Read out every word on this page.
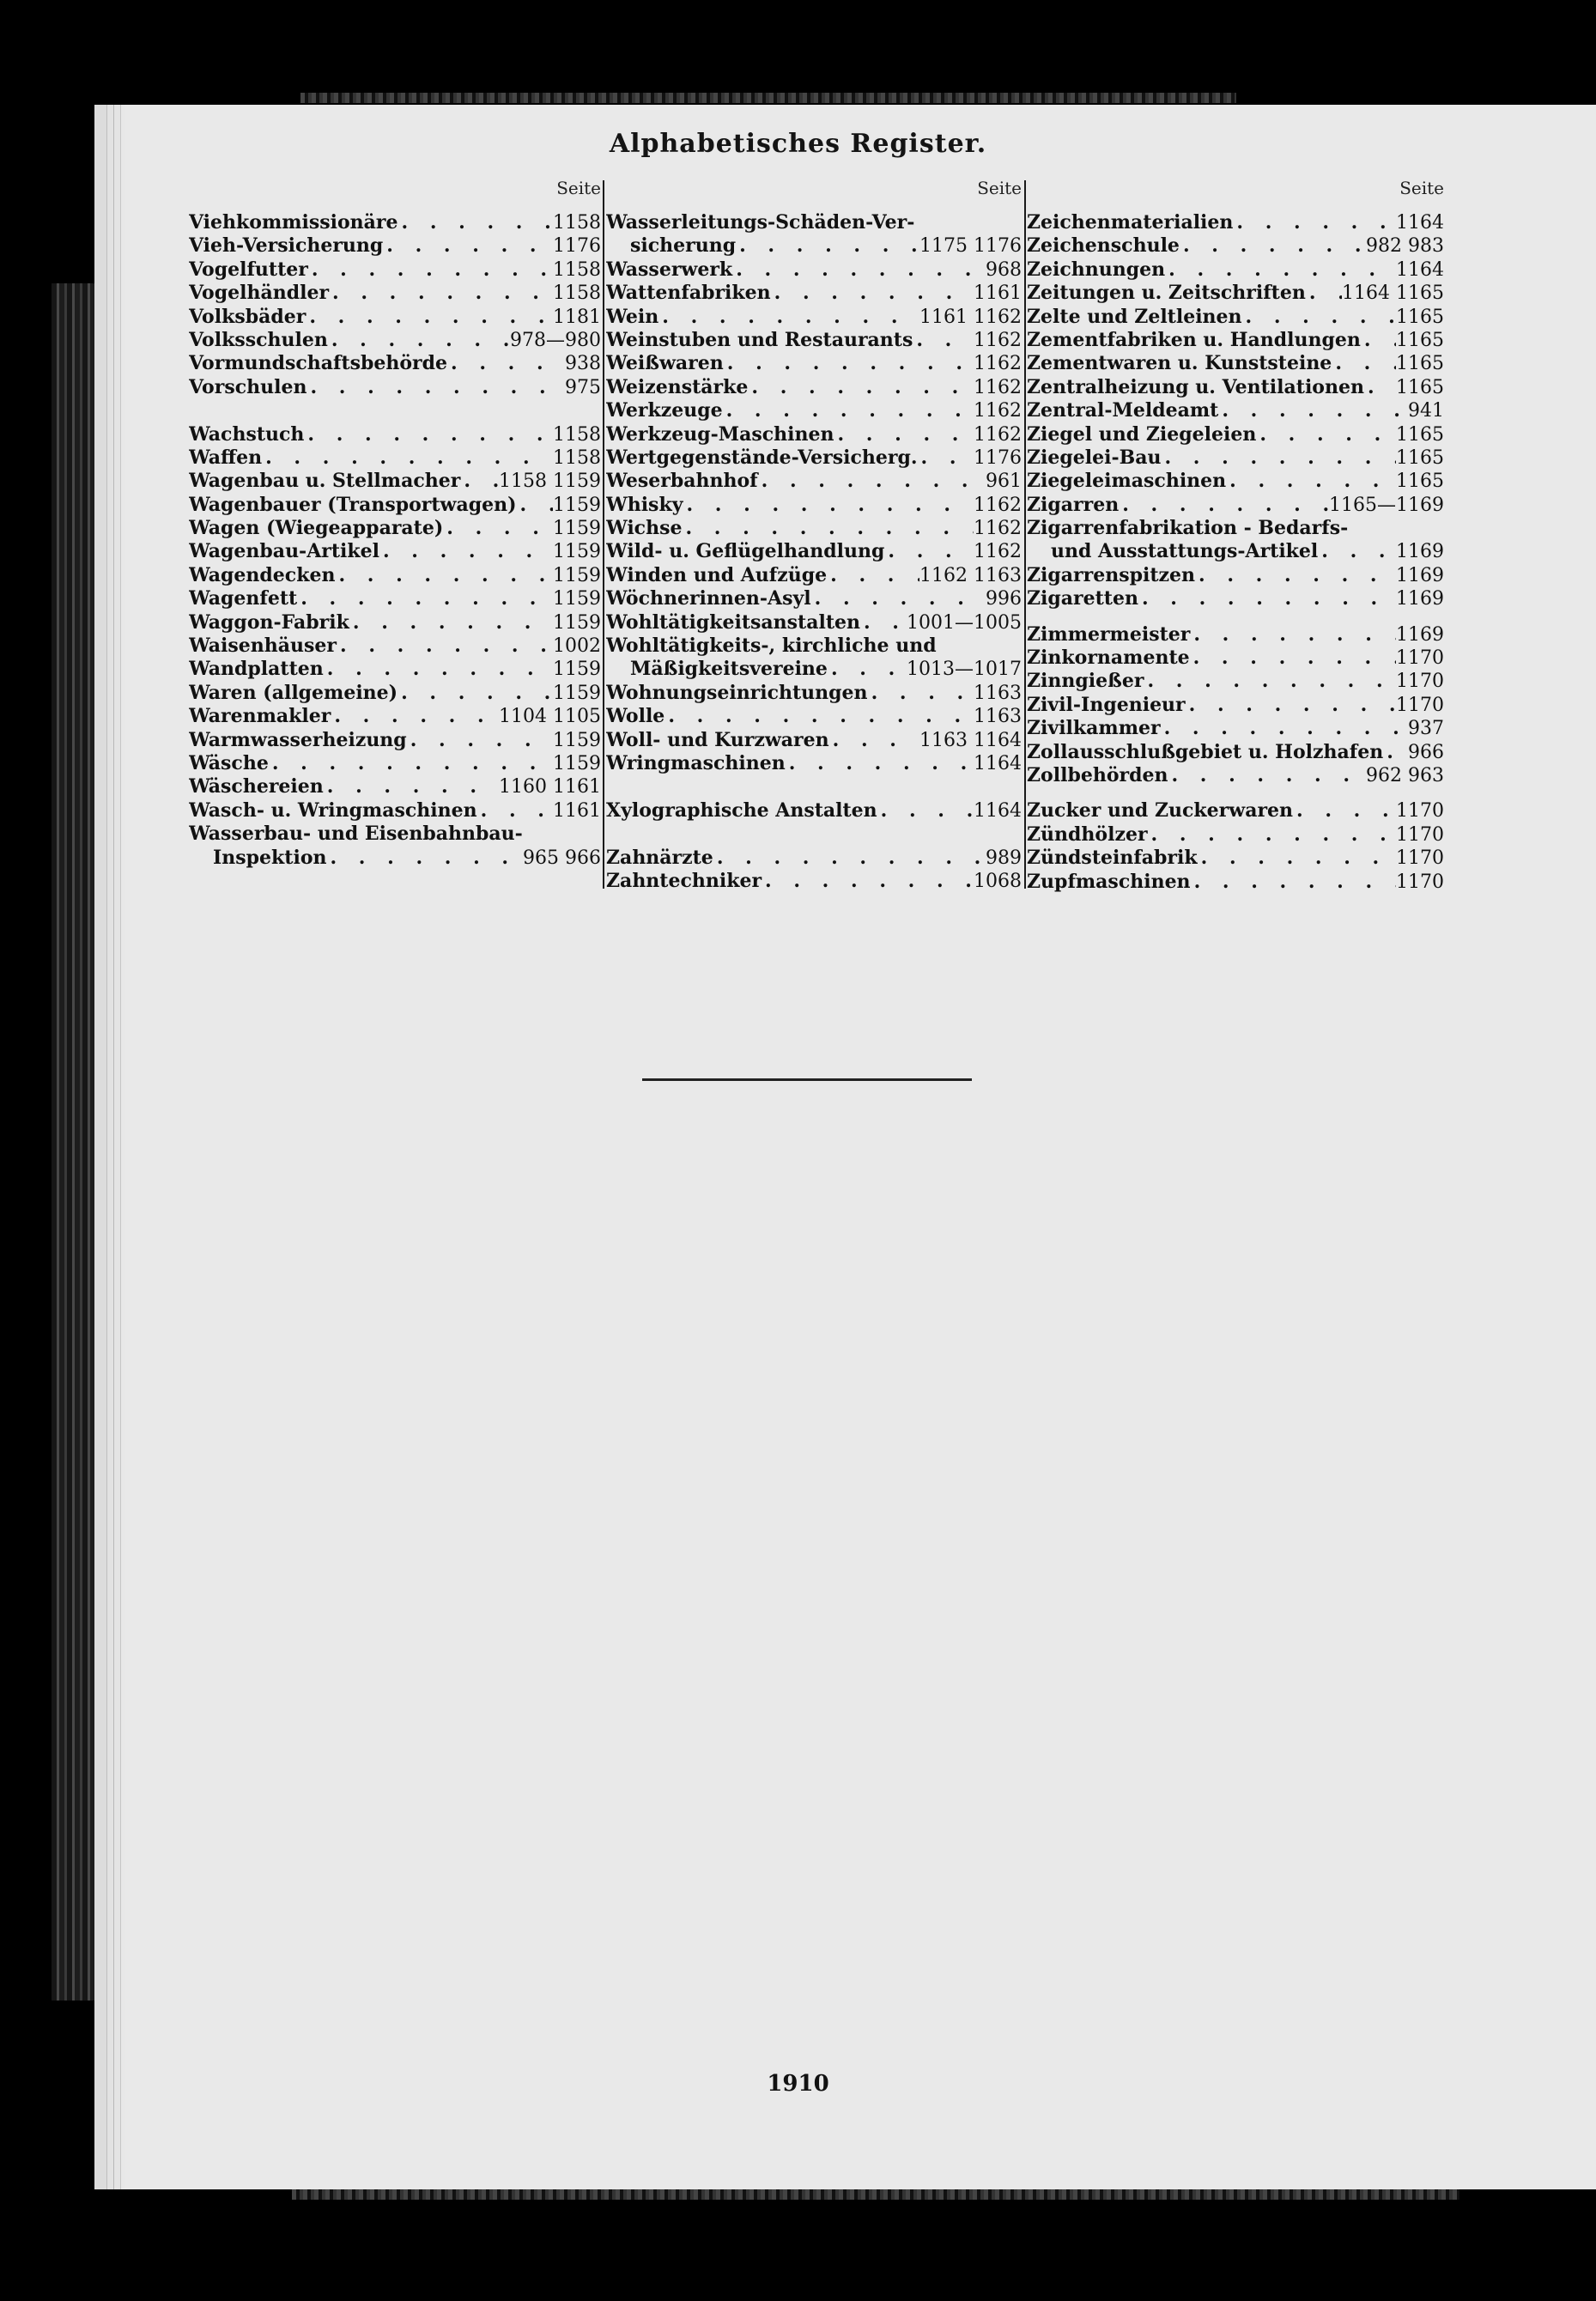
Alphabetisches Register.
Seite
Viehkommissionäre . . .	1158
Vieh-Versicherung . . .	1176
Vogelfutter . . .	1158
Vogelhändler . . .	1158
Volksbäder . . .	1181
Volksschulen . . .	978—980
Vormundschaftsbehörde . . .	938
Vorschulen . . .	975
Wachstuch . . .	1158
Waffen . . .	1158
Wagenbau u. Stellmacher . . . 1158 1159
Wagenbauer (Transportwagen) . . . 1159
Wagen (Wiegeapparate) . . .	1159
Wagenbau-Artikel . . .	1159
Wagendecken . . .	1159
Wagenfett . . .	1159
Waggon-Fabrik . . .	1159
Waisenhäuser . . .	1002
Wandplatten . . .	1159
Waren (allgemeine) . . .	1159
Warenmakler . . .	1104 1105
Warmwasserheizung . . .	1159
Wäsche . . .	1159
Wäschereien . . .	1160 1161
Wasch- u. Wringmaschinen . . .	1161
Wasserbau- und Eisenbahnbau-
Inspektion . . .	965 966
Seite
Wasserleitungs-Schäden-Ver-
sicherung . . .	1175 1176
Wasserwerk . . .	968
Wattenfabriken . . .	1161
Wein . . .	1161 1162
Weinstuben und Restaurants . . .	1162
Weißwaren . . .	1162
Weizenstärke . . .	1162
Werkzeuge . . .	1162
Werkzeug-Maschinen . . .	1162
Wertgegenstände-Versicherg. . . .	1176
Weserbahnhof . . .	961
Whisky . . .	1162
Wichse . . .	1162
Wild- u. Geflügelhandlung . . .	1162
Winden und Aufzüge . . .	1162 1163
Wöchnerinnen-Asyl . . .	996
Wohltätigkeitsanstalten . . . 1001—1005
Wohltätigkeits-, kirchliche und
Mäßigkeitsvereine . . .	1013—1017
Wohnungseinrichtungen . . .	1163
Wolle . . .	1163
Woll- und Kurzwaren . . .	1163 1164
Wringmaschinen . . .	1164
Xylographische Anstalten . . .	1164
Zahnärzte . . .	989
Zahntechniker . . .	1068
Seite
Zeichenmaterialien . . .	1164
Zeichenschule . . .	982 983
Zeichnungen . . .	1164
Zeitungen u. Zeitschriften . . . 1164 1165
Zelte und Zeltleinen . . .	1165
Zementfabriken u. Handlungen . . . 1165
Zementwaren u. Kunststeine . . .	1165
Zentralheizung u. Ventilationen . . . 1165
Zentral-Meldeamt . . .	941
Ziegel und Ziegeleien . . .	1165
Ziegelei-Bau . . .	1165
Ziegeleimaschinen . . .	1165
Zigarren . . .	1165—1169
Zigarrenfabrikation - Bedarfs-
und Ausstattungs-Artikel . . .	1169
Zigarrenspitzen . . .	1169
Zigaretten . . .	1169
Zimmermeister . . .	1169
Zinkornamente . . .	1170
Zinngießer . . .	1170
Zivil-Ingenieur . . .	1170
Zivilkammer . . .	937
Zollausschlußgebiet u. Holzhafen . . . 966
Zollbehörden . . .	962 963
Zucker und Zuckerwaren . . .	1170
Zündhölzer . . .	1170
Zündsteinfabrik . . .	1170
Zupfmaschinen . . .	1170
1910
